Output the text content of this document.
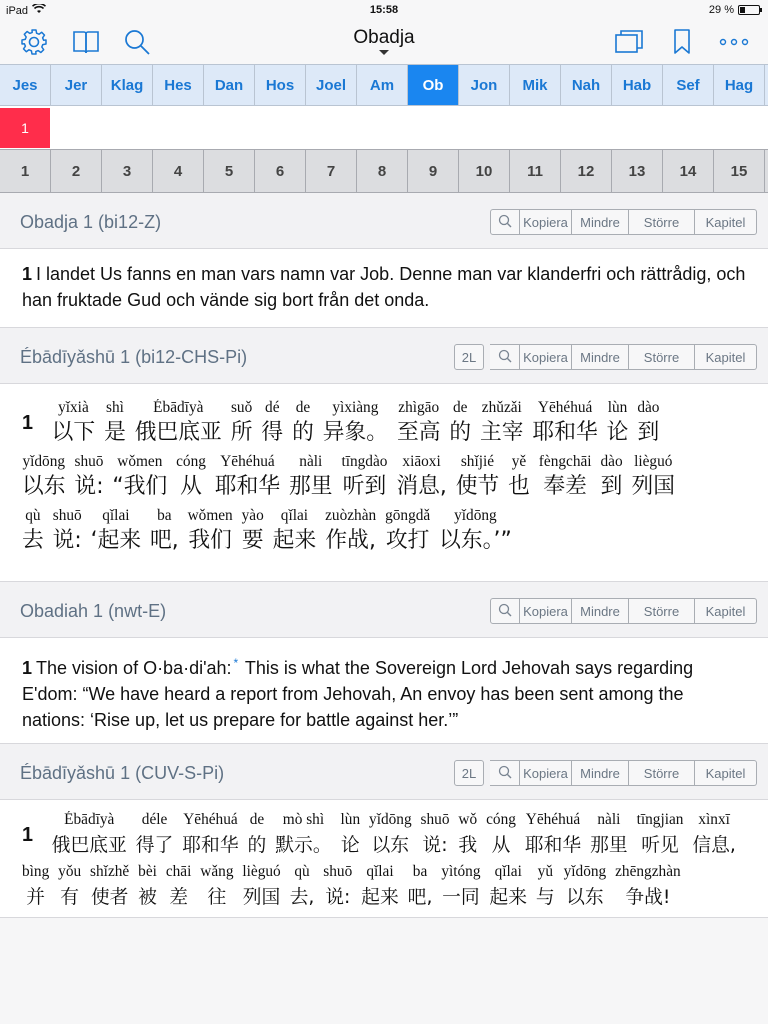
iPad	15:58	29 %
Obadja
Jes	Jer	Klag	Hes	Dan	Hos	Joel	Am	Ob	Jon	Mik	Nah	Hab	Sef	Hag
1
1	2	3	4	5	6	7	8	9	10	11	12	13	14	15
Obadja 1 (bi12-Z)	Kopiera Mindre	Större	Kapitel
1 I landet Us fanns en man vars namn var Job. Denne man var klanderfri och rättrådig, och han fruktade Gud och vände sig bort från det onda.
Ébādīyǎshū 1 (bi12-CHS-Pi)	2L	Kopiera Mindre	Större	Kapitel
1
yǐxià
以下
shì
是
Ébādīyà
俄巴底亚
suǒ
所
dé
得
de
的
yìxiàng
异象。
zhìgāo
至高
de
的
zhǔzǎi
主宰
Yēhéhuá
耶和华
lùn
论
dào
到
yǐdōng
以东
shuō
说:
wǒmen
“我们
cóng
从
Yēhéhuá
耶和华
nàli
那里
tīngdào
听到
xiāoxi
消息,
shǐjié
使节
yě
也
fèngchāi
奉差
dào
到
lièguó
列国
qù
去
shuō
说:
qǐlai
‘起来
ba
吧,
wǒmen
我们
yào
要
qǐlai
起来
zuòzhàn
作战,
gōngdǎ
攻打
yǐdōng
以东。’”
Obadiah 1 (nwt-E)	Kopiera Mindre	Större	Kapitel
1 The vision of O·ba·diʹah: * This is what the Sovereign Lord Jehovah says regarding Eʹdom: “We have heard a report from Jehovah, An envoy has been sent among the nations: ‘Rise up, let us prepare for battle against her.’”
Ébādīyǎshū 1 (CUV-S-Pi)	2L	Kopiera Mindre	Större	Kapitel
1
Ébādīyà
俄巴底亚
déle
得了
Yēhéhuá
耶和华
de
的
mò shì
默示。
lùn
论
yǐdōng
以东
shuō
说:
wǒ
我
cóng
从
Yēhéhuá
耶和华
nàli
那里
tīngjian
听见
xìnxī
信息,
bìng
并
yǒu
有
shǐzhě
使者
bèi
被
chāi
差
wǎng
往
lièguó
列国
qù
去,
shuō
说:
qǐlai
起来
ba
吧,
yìtóng
一同
qǐlai
起来
yǔ
与
yǐdōng
以东
zhēngzhàn
争战!
